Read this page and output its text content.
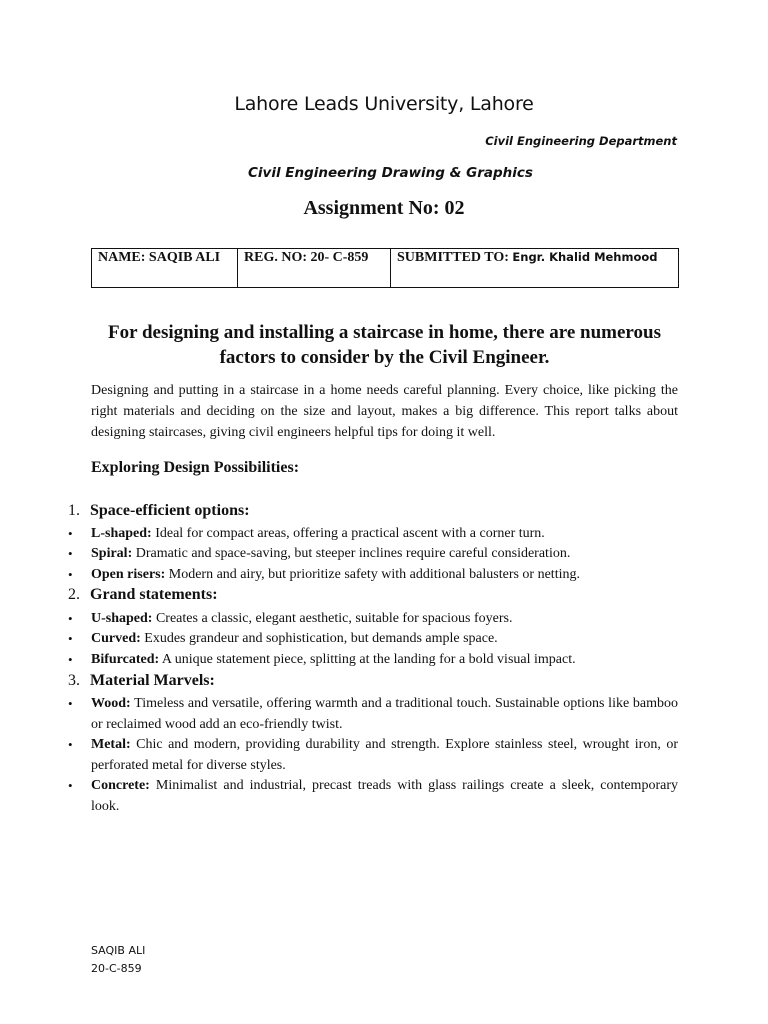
Lahore Leads University, Lahore
Civil Engineering Department
Civil Engineering Drawing & Graphics
Assignment No: 02
NAME: SAQIB ALI	REG. NO: 20- C-859	SUBMITTED TO: Engr. Khalid Mehmood
For designing and installing a staircase in home, there are numerous factors to consider by the Civil Engineer.

Designing and putting in a staircase in a home needs careful planning. Every choice, like picking the right materials and deciding on the size and layout, makes a big difference. This report talks about designing staircases, giving civil engineers helpful tips for doing it well.

Exploring Design Possibilities:
1. Space-efficient options:
• L-shaped: Ideal for compact areas, offering a practical ascent with a corner turn.
• Spiral: Dramatic and space-saving, but steeper inclines require careful consideration.
• Open risers: Modern and airy, but prioritize safety with additional balusters or netting.
2. Grand statements:
• U-shaped: Creates a classic, elegant aesthetic, suitable for spacious foyers.
• Curved: Exudes grandeur and sophistication, but demands ample space.
• Bifurcated: A unique statement piece, splitting at the landing for a bold visual impact.
3. Material Marvels:
• Wood: Timeless and versatile, offering warmth and a traditional touch. Sustainable options like bamboo or reclaimed wood add an eco-friendly twist.
• Metal: Chic and modern, providing durability and strength. Explore stainless steel, wrought iron, or perforated metal for diverse styles.
• Concrete: Minimalist and industrial, precast treads with glass railings create a sleek, contemporary look.
SAQIB ALI
20-C-859
